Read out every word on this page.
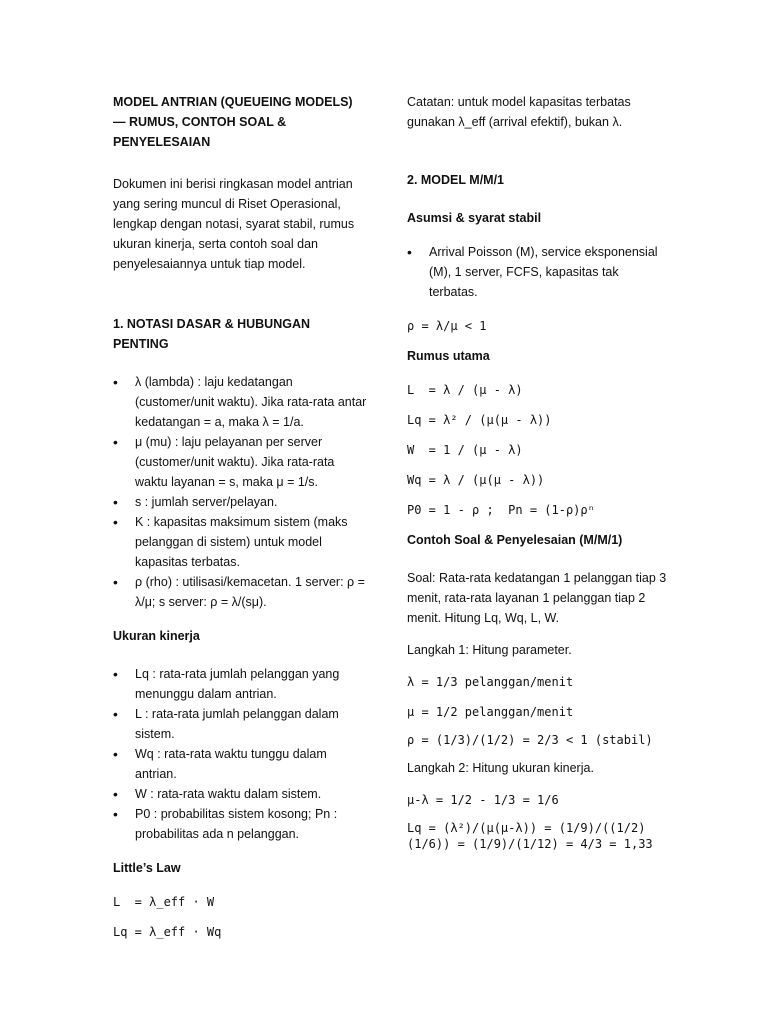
MODEL ANTRIAN (QUEUEING MODELS) — RUMUS, CONTOH SOAL & PENYELESAIAN
Dokumen ini berisi ringkasan model antrian yang sering muncul di Riset Operasional, lengkap dengan notasi, syarat stabil, rumus ukuran kinerja, serta contoh soal dan penyelesaiannya untuk tiap model.
1. NOTASI DASAR & HUBUNGAN PENTING
• λ (lambda) : laju kedatangan (customer/unit waktu). Jika rata-rata antar kedatangan = a, maka λ = 1/a.
• μ (mu) : laju pelayanan per server (customer/unit waktu). Jika rata-rata waktu layanan = s, maka μ = 1/s.
• s : jumlah server/pelayan.
• K : kapasitas maksimum sistem (maks pelanggan di sistem) untuk model kapasitas terbatas.
• ρ (rho) : utilisasi/kemacetan. 1 server: ρ = λ/μ; s server: ρ = λ/(sμ).
Ukuran kinerja
• Lq : rata-rata jumlah pelanggan yang menunggu dalam antrian.
• L : rata-rata jumlah pelanggan dalam sistem.
• Wq : rata-rata waktu tunggu dalam antrian.
• W : rata-rata waktu dalam sistem.
• P0 : probabilitas sistem kosong; Pn : probabilitas ada n pelanggan.
Little’s Law
L  = λ_eff · W
Lq = λ_eff · Wq
Catatan: untuk model kapasitas terbatas gunakan λ_eff (arrival efektif), bukan λ.
2. MODEL M/M/1
Asumsi & syarat stabil
• Arrival Poisson (M), service eksponensial (M), 1 server, FCFS, kapasitas tak terbatas.
ρ = λ/μ < 1
Rumus utama
L  = λ / (μ - λ)
Lq = λ² / (μ(μ - λ))
W  = 1 / (μ - λ)
Wq = λ / (μ(μ - λ))
P0 = 1 - ρ ;  Pn = (1-ρ)ρⁿ
Contoh Soal & Penyelesaian (M/M/1)
Soal: Rata-rata kedatangan 1 pelanggan tiap 3 menit, rata-rata layanan 1 pelanggan tiap 2 menit. Hitung Lq, Wq, L, W.
Langkah 1: Hitung parameter.
λ = 1/3 pelanggan/menit
μ = 1/2 pelanggan/menit
ρ = (1/3)/(1/2) = 2/3 < 1 (stabil)
Langkah 2: Hitung ukuran kinerja.
μ-λ = 1/2 - 1/3 = 1/6
Lq = (λ²)/(μ(μ-λ)) = (1/9)/((1/2)(1/6)) = (1/9)/(1/12) = 4/3 = 1,33
